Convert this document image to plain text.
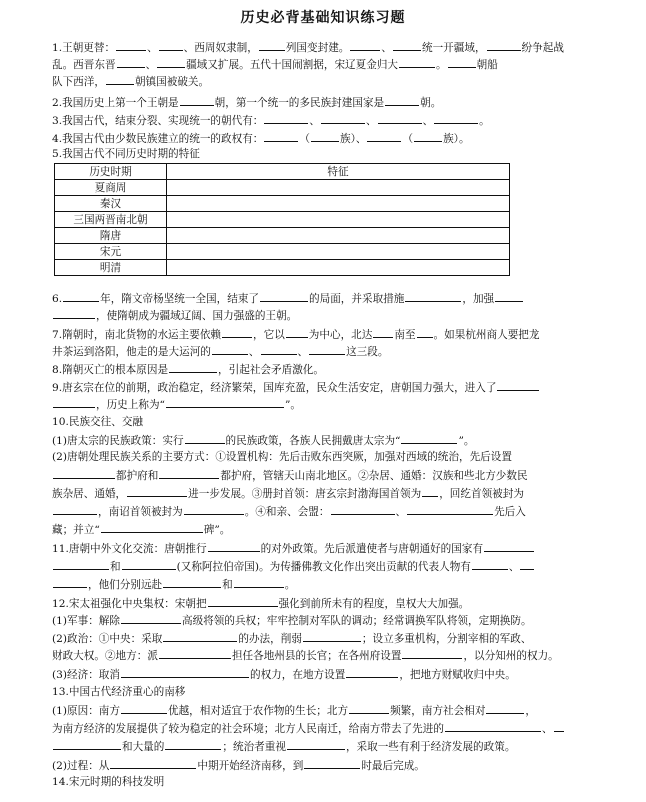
历史必背基础知识练习题
1.王朝更替：	、 、西周奴隶制，	列国变封建。	、	统一开疆域，	纷争起战
乱。西晋东晋	、	疆域又扩展。五代十国闹割据，宋辽夏金归大	。	朝船
队下西洋，	朝镇国被破关。
2.我国历史上第一个王朝是	朝，第一个统一的多民族封建国家是	朝。
3.我国古代，结束分裂、实现统一的朝代有：	、	、	、	。
4.我国古代由少数民族建立的统一的政权有：	（	族）、	（	族）。
5.我国古代不同历史时期的特征
历史时期	特征
夏商周	
秦汉	
三国两晋南北朝	
隋唐	
宋元	
明清	
6.	年，隋文帝杨坚统一全国，结束了	的局面，并采取措施	，加强
，使隋朝成为疆域辽阔、国力强盛的王朝。
7.隋朝时，南北货物的水运主要依赖	，它以 为中心，北达 南至 。如果杭州商人要把龙
井茶运到洛阳，他走的是大运河的	、	、	这三段。
8.隋朝灭亡的根本原因是	，引起社会矛盾激化。
9.唐玄宗在位的前期，政治稳定，经济繁荣，国库充盈，民众生活安定，唐朝国力强大，进入了
，历史上称为“	”。
10.民族交往、交融
(1)唐太宗的民族政策：实行	的民族政策，各族人民拥戴唐太宗为“	”。
(2)唐朝处理民族关系的主要方式：①设置机构：先后击败东西突厥，加强对西域的统治，先后设置
都护府和	都护府，管辖天山南北地区。②杂居、通婚：汉族和些北方少数民
族杂居、通婚，	进一步发展。③册封首领：唐玄宗封渤海国首领为 ，回纥首领被封为
，南诏首领被封为	。④和亲、会盟：	、	先后入
藏；并立“	碑”。
11.唐朝中外文化交流：唐朝推行	的对外政策。先后派遣使者与唐朝通好的国家有
和	(又称阿拉伯帝国)。为传播佛教文化作出突出贡献的代表人物有	、
，他们分别远赴	和	。
12.宋太祖强化中央集权：宋朝把	强化到前所未有的程度，皇权大大加强。
(1)军事：解除	高级将领的兵权；牢牢控制对军队的调动；经常调换军队将领，定期换防。
(2)政治：①中央：采取	的办法，削弱	；设立多重机构，分割宰相的军政、
财政大权。②地方：派	担任各地州县的长官；在各州府设置	，以分知州的权力。
(3)经济：取消	的权力，在地方设置	，把地方财赋收归中央。
13.中国古代经济重心的南移
(1)原因：南方	优越，相对适宜于农作物的生长；北方	频繁，南方社会相对	，
为南方经济的发展提供了较为稳定的社会环境；北方人民南迁，给南方带去了先进的	、
和大量的	；统治者重视	，采取一些有利于经济发展的政策。
(2)过程：从	中期开始经济南移，到	时最后完成。
14.宋元时期的科技发明
